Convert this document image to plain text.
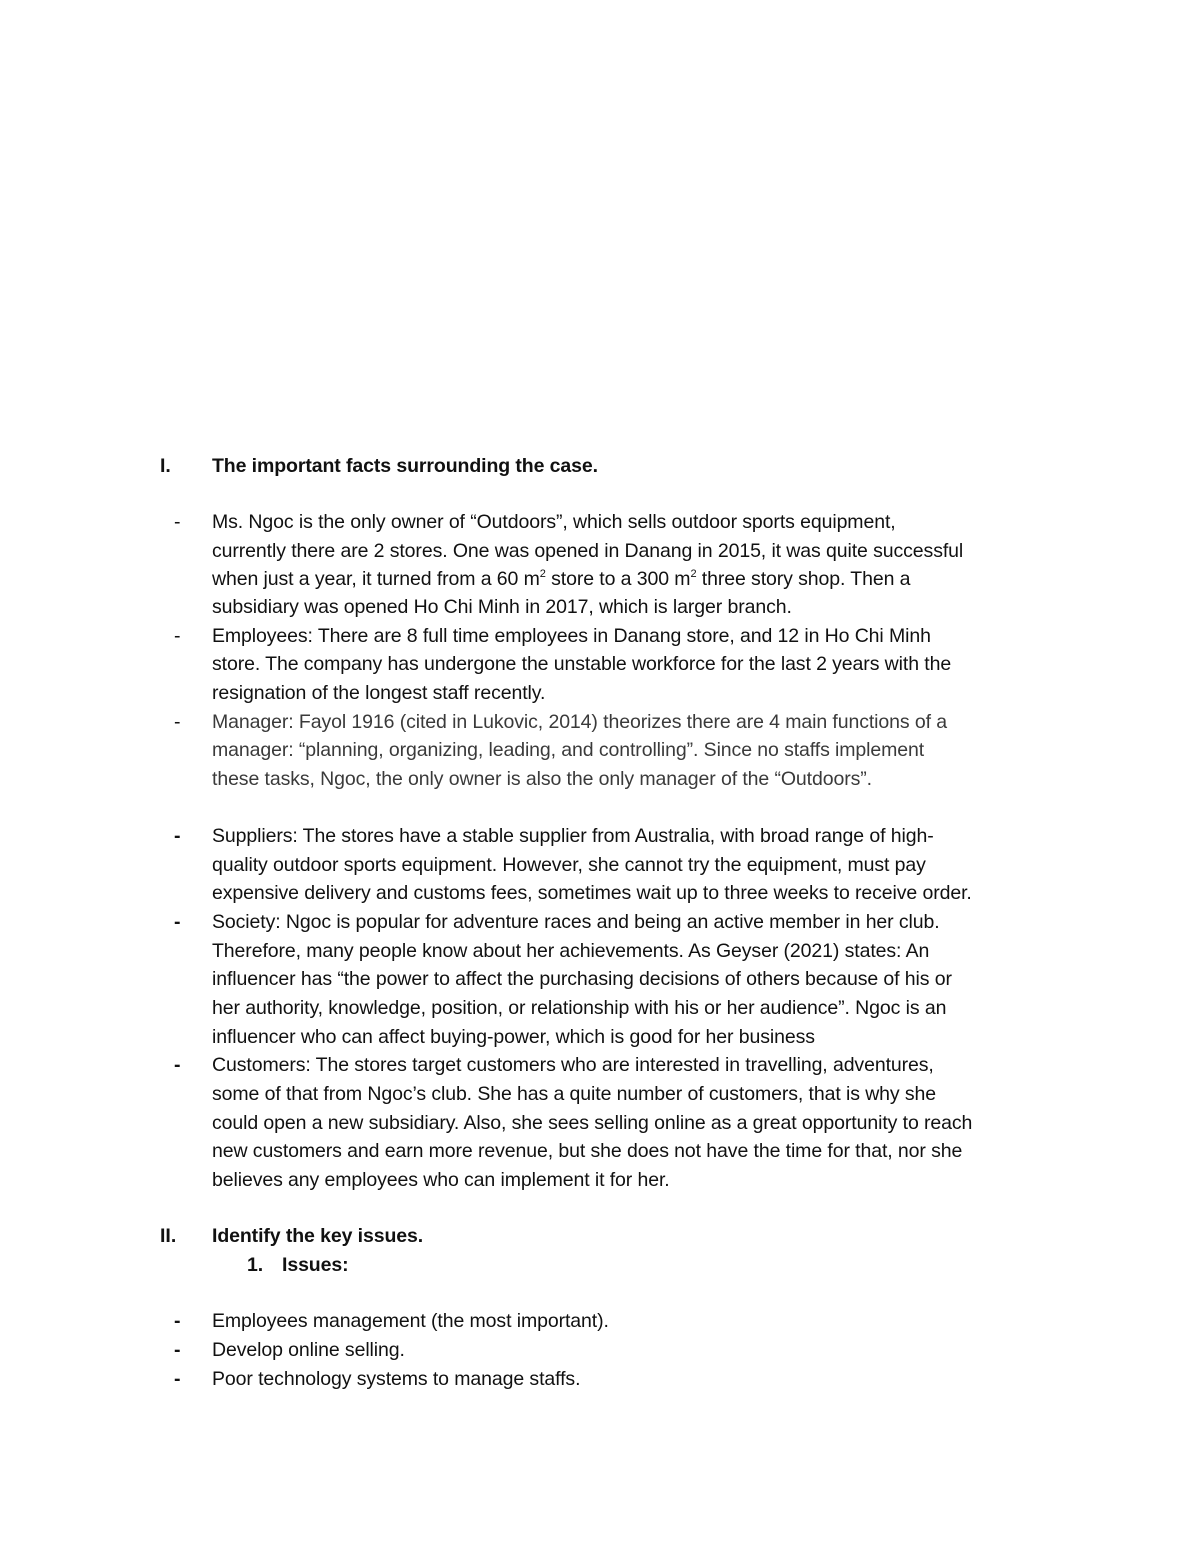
I. The important facts surrounding the case.
- Ms. Ngoc is the only owner of “Outdoors”, which sells outdoor sports equipment,
currently there are 2 stores. One was opened in Danang in 2015, it was quite successful
when just a year, it turned from a 60 $m^2$ store to a 300 $m^2$ three story shop. Then a
subsidiary was opened Ho Chi Minh in 2017, which is larger branch.
- Employees: There are 8 full time employees in Danang store, and 12 in Ho Chi Minh
store. The company has undergone the unstable workforce for the last 2 years with the
resignation of the longest staff recently.
- Manager: Fayol 1916 (cited in Lukovic, 2014) theorizes there are 4 main functions of a
manager: “planning, organizing, leading, and controlling”. Since no staffs implement
these tasks, Ngoc, the only owner is also the only manager of the “Outdoors”.
- Suppliers: The stores have a stable supplier from Australia, with broad range of high-
quality outdoor sports equipment. However, she cannot try the equipment, must pay
expensive delivery and customs fees, sometimes wait up to three weeks to receive order.
- Society: Ngoc is popular for adventure races and being an active member in her club.
Therefore, many people know about her achievements. As Geyser (2021) states: An
influencer has “the power to affect the purchasing decisions of others because of his or
her authority, knowledge, position, or relationship with his or her audience”. Ngoc is an
influencer who can affect buying-power, which is good for her business
- Customers: The stores target customers who are interested in travelling, adventures,
some of that from Ngoc’s club. She has a quite number of customers, that is why she
could open a new subsidiary. Also, she sees selling online as a great opportunity to reach
new customers and earn more revenue, but she does not have the time for that, nor she
believes any employees who can implement it for her.
II. Identify the key issues.
1. Issues:
- Employees management (the most important).
- Develop online selling.
- Poor technology systems to manage staffs.
